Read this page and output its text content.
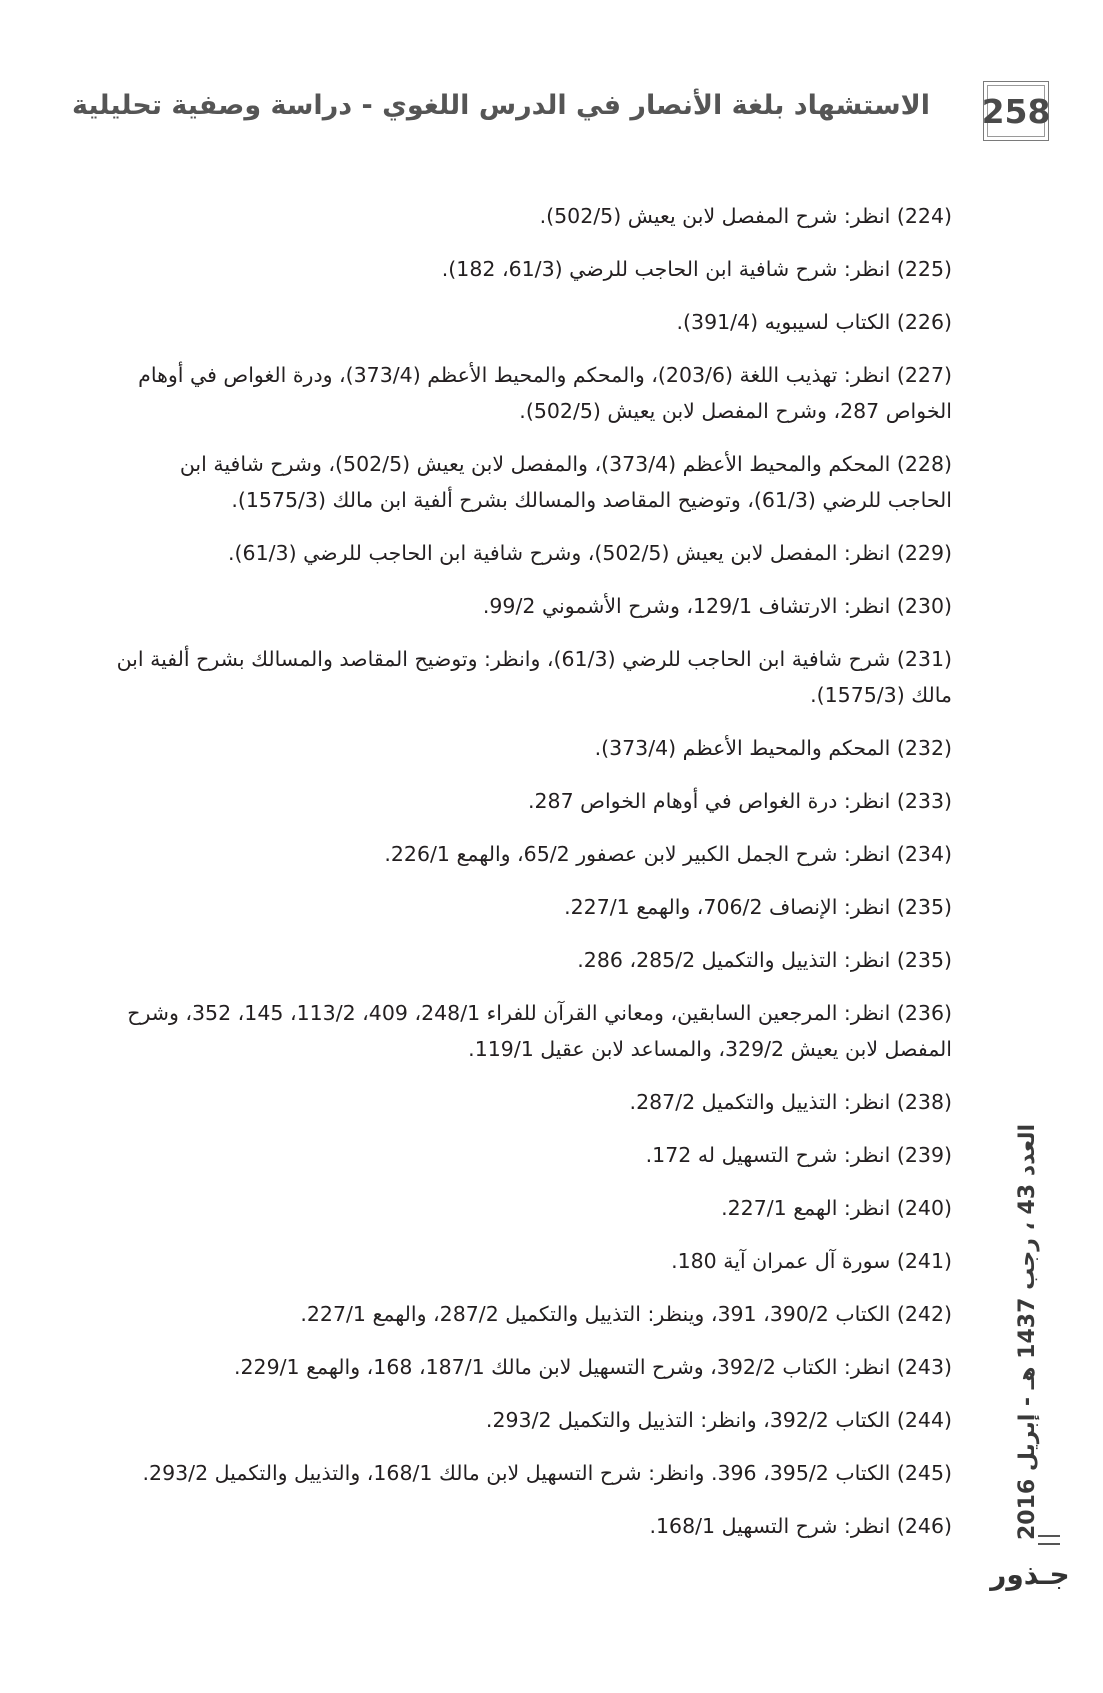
258
الاستشهاد بلغة الأنصار في الدرس اللغوي - دراسة وصفية تحليلية

(224) انظر: شرح المفصل لابن يعيش (502/5).

(225) انظر: شرح شافية ابن الحاجب للرضي (61/3، 182).

(226) الكتاب لسيبويه (391/4).

(227) انظر: تهذيب اللغة (203/6)، والمحكم والمحيط الأعظم (373/4)، ودرة الغواص في أوهام الخواص 287، وشرح المفصل لابن يعيش (502/5).

(228) المحكم والمحيط الأعظم (373/4)، والمفصل لابن يعيش (502/5)، وشرح شافية ابن الحاجب للرضي (61/3)، وتوضيح المقاصد والمسالك بشرح ألفية ابن مالك (1575/3).

(229) انظر: المفصل لابن يعيش (502/5)، وشرح شافية ابن الحاجب للرضي (61/3).

(230) انظر: الارتشاف 129/1، وشرح الأشموني 99/2.

(231) شرح شافية ابن الحاجب للرضي (61/3)، وانظر: وتوضيح المقاصد والمسالك بشرح ألفية ابن مالك (1575/3).

(232) المحكم والمحيط الأعظم (373/4).

(233) انظر: درة الغواص في أوهام الخواص 287.

(234) انظر: شرح الجمل الكبير لابن عصفور 65/2، والهمع 226/1.

(235) انظر: الإنصاف 706/2، والهمع 227/1.

(235) انظر: التذييل والتكميل 285/2، 286.

(236) انظر: المرجعين السابقين، ومعاني القرآن للفراء 248/1، 409، 113/2، 145، 352، وشرح المفصل لابن يعيش 329/2، والمساعد لابن عقيل 119/1.

(238) انظر: التذييل والتكميل 287/2.

(239) انظر: شرح التسهيل له 172.

(240) انظر: الهمع 227/1.

(241) سورة آل عمران آية 180.

(242) الكتاب 390/2، 391، وينظر: التذييل والتكميل 287/2، والهمع 227/1.

(243) انظر: الكتاب 392/2، وشرح التسهيل لابن مالك 187/1، 168، والهمع 229/1.

(244) الكتاب 392/2، وانظر: التذييل والتكميل 293/2.

(245) الكتاب 395/2، 396. وانظر: شرح التسهيل لابن مالك 168/1، والتذييل والتكميل 293/2.

(246) انظر: شرح التسهيل 168/1.	العدد 43 ، رجب 1437 هـ - إبريل 2016
جـذور
